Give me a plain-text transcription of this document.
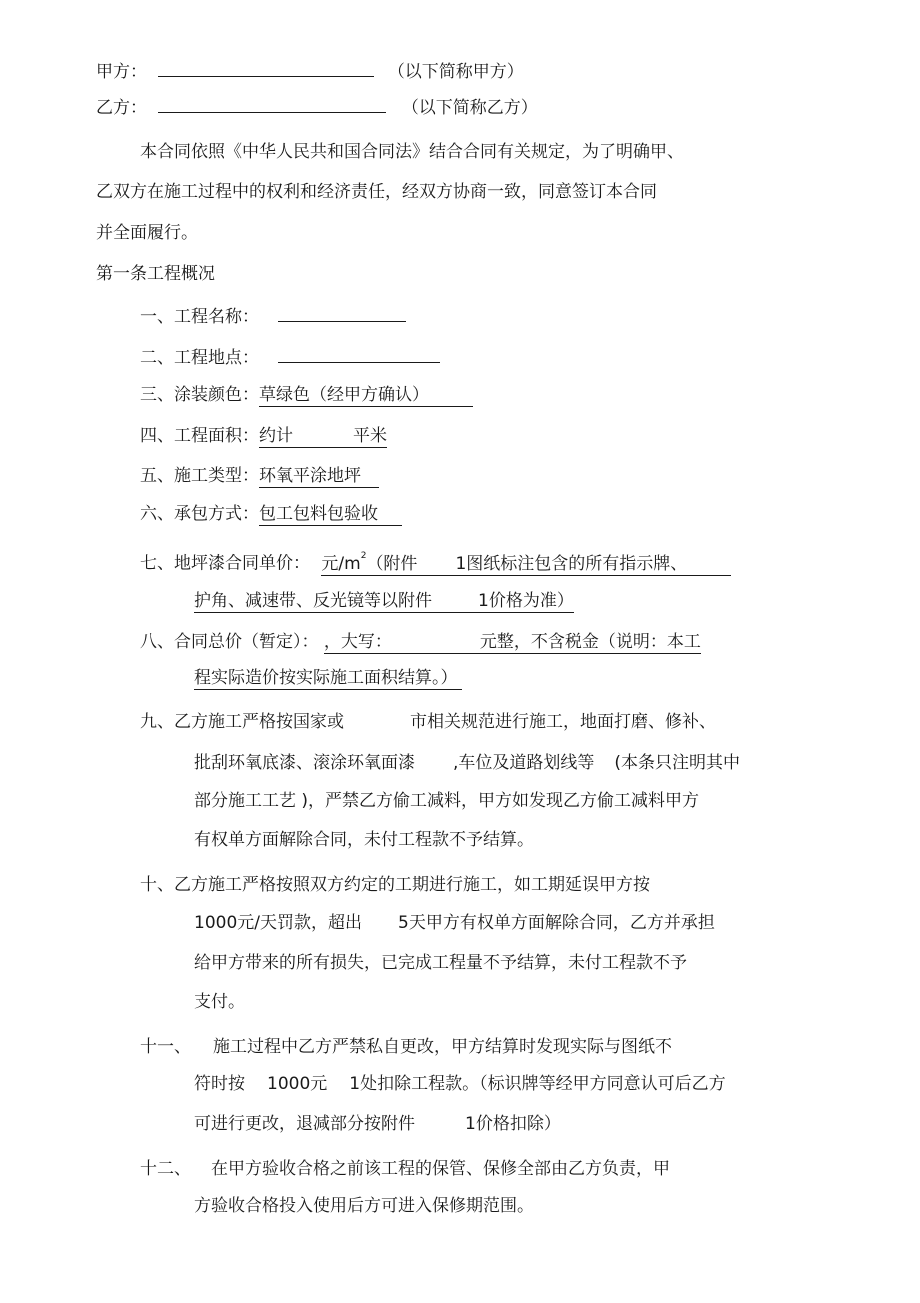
甲方：	（以下简称甲方）
乙方：	（以下简称乙方）
本合同依照《中华人民共和国合同法》结合合同有关规定，为了明确甲、
乙双方在施工过程中的权利和经济责任，经双方协商一致，同意签订本合同
并全面履行。
第一条工程概况
一、工程名称：
二、工程地点：
三、涂装颜色：草绿色（经甲方确认）
四、工程面积：约计	平米
五、施工类型：环氧平涂地坪
六、承包方式：包工包料包验收
七、地坪漆合同单价： 元$/m^2$（附件 1图纸标注包含的所有指示牌、
护角、减速带、反光镜等以附件	1价格为准）
八、合同总价（暂定）： ，大写：	元整，不含税金（说明：本工
程实际造价按实际施工面积结算。）
九、乙方施工严格按国家或	市相关规范进行施工，地面打磨、修补、
批刮环氧底漆、滚涂环氧面漆 ,车位及道路划线等 (本条只注明其中
部分施工工艺 )，严禁乙方偷工减料，甲方如发现乙方偷工减料甲方
有权单方面解除合同，未付工程款不予结算。
十、乙方施工严格按照双方约定的工期进行施工，如工期延误甲方按
1000元/天罚款，超出 5天甲方有权单方面解除合同，乙方并承担
给甲方带来的所有损失，已完成工程量不予结算，未付工程款不予
支付。
十一、 施工过程中乙方严禁私自更改，甲方结算时发现实际与图纸不
符时按 1000元 1处扣除工程款。（标识牌等经甲方同意认可后乙方
可进行更改，退减部分按附件	1价格扣除）
十二、 在甲方验收合格之前该工程的保管、保修全部由乙方负责，甲
方验收合格投入使用后方可进入保修期范围。
